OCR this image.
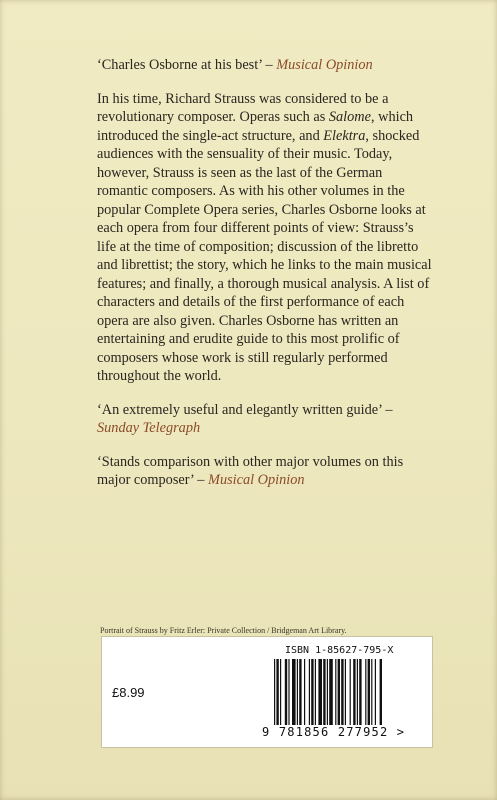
‘Charles Osborne at his best’ – Musical Opinion

In his time, Richard Strauss was considered to be a revolutionary composer. Operas such as Salome, which introduced the single-act structure, and Elektra, shocked audiences with the sensuality of their music. Today, however, Strauss is seen as the last of the German romantic composers. As with his other volumes in the popular Complete Opera series, Charles Osborne looks at each opera from four different points of view: Strauss’s life at the time of composition; discussion of the libretto and librettist; the story, which he links to the main musical features; and finally, a thorough musical analysis. A list of characters and details of the first performance of each opera are also given. Charles Osborne has written an entertaining and erudite guide to this most prolific of composers whose work is still regularly performed throughout the world.

‘An extremely useful and elegantly written guide’ –
Sunday Telegraph

‘Stands comparison with other major volumes on this major composer’ – Musical Opinion

Portrait of Strauss by Fritz Erler: Private Collection / Bridgeman Art Library.
ISBN 1-85627-795-X
£8.99
9 781856 277952 >
